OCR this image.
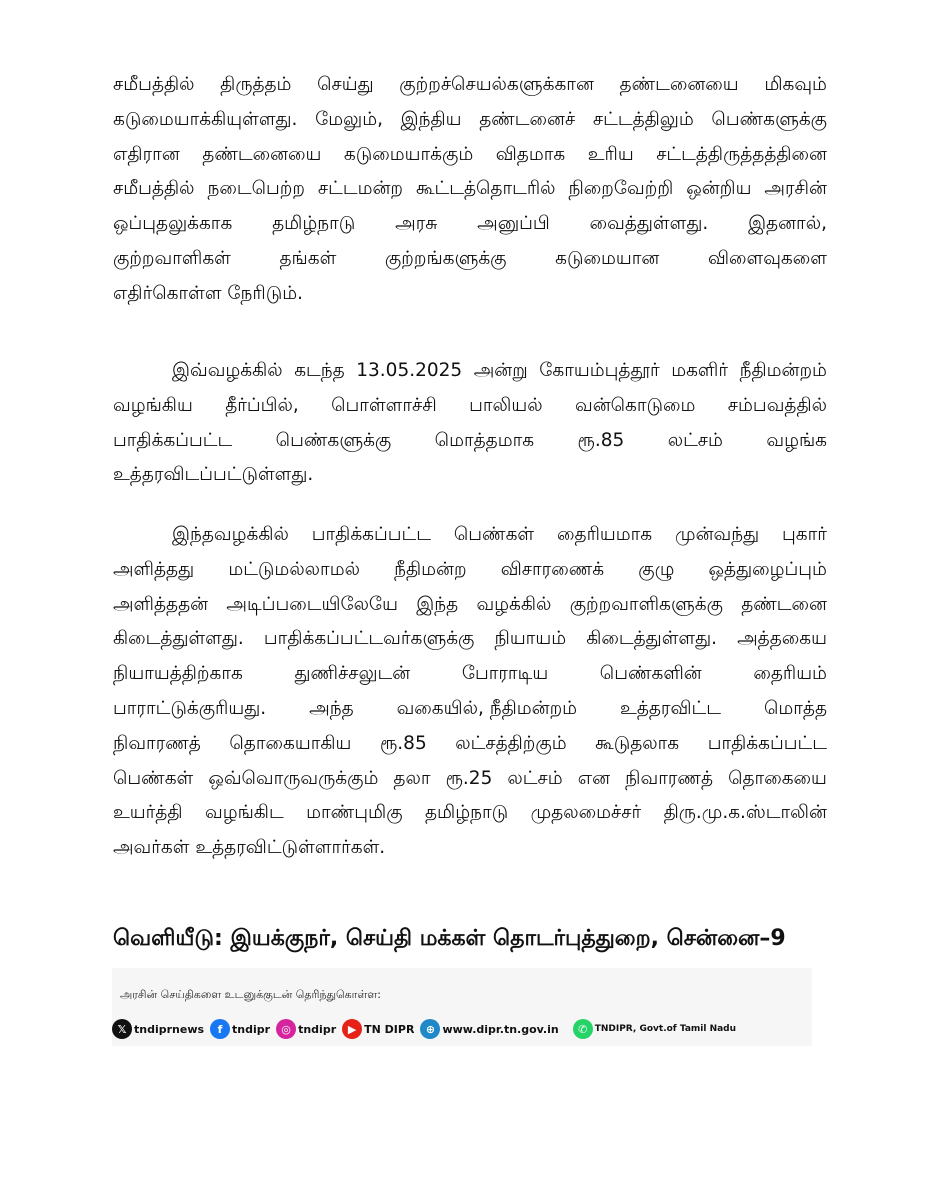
சமீபத்தில் திருத்தம் செய்து குற்றச்செயல்களுக்கான தண்டனையை மிகவும்
கடுமையாக்கியுள்ளது. மேலும், இந்திய தண்டனைச் சட்டத்திலும் பெண்களுக்கு
எதிரான தண்டனையை கடுமையாக்கும் விதமாக உரிய சட்டத்திருத்தத்தினை
சமீபத்தில் நடைபெற்ற சட்டமன்ற கூட்டத்தொடரில் நிறைவேற்றி ஒன்றிய அரசின்
ஒப்புதலுக்காக தமிழ்நாடு அரசு அனுப்பி வைத்துள்ளது. இதனால்,
குற்றவாளிகள்	தங்கள்	குற்றங்களுக்கு	கடுமையான	விளைவுகளை
எதிர்கொள்ள நேரிடும்.
இவ்வழக்கில் கடந்த 13.05.2025 அன்று கோயம்புத்தூர் மகளிர் நீதிமன்றம்
வழங்கிய தீர்ப்பில், பொள்ளாச்சி பாலியல் வன்கொடுமை சம்பவத்தில்
பாதிக்கப்பட்ட பெண்களுக்கு மொத்தமாக ரூ.85 லட்சம் வழங்க
உத்தரவிடப்பட்டுள்ளது.
இந்தவழக்கில் பாதிக்கப்பட்ட பெண்கள் தைரியமாக முன்வந்து புகார்
அளித்தது மட்டுமல்லாமல் நீதிமன்ற விசாரணைக் குழு ஒத்துழைப்பும்
அளித்ததன் அடிப்படையிலேயே இந்த வழக்கில் குற்றவாளிகளுக்கு தண்டனை
கிடைத்துள்ளது. பாதிக்கப்பட்டவர்களுக்கு நியாயம் கிடைத்துள்ளது. அத்தகைய
நியாயத்திற்காக	துணிச்சலுடன்	போராடிய	பெண்களின்	தைரியம்
பாராட்டுக்குரியது. அந்த வகையில், நீதிமன்றம் உத்தரவிட்ட மொத்த
நிவாரணத் தொகையாகிய ரூ.85 லட்சத்திற்கும் கூடுதலாக பாதிக்கப்பட்ட
பெண்கள் ஒவ்வொருவருக்கும் தலா ரூ.25 லட்சம் என நிவாரணத் தொகையை
உயர்த்தி வழங்கிட மாண்புமிகு தமிழ்நாடு முதலமைச்சர் திரு.மு.க.ஸ்டாலின்
அவர்கள் உத்தரவிட்டுள்ளார்கள்.
வெளியீடு: இயக்குநர், செய்தி மக்கள் தொடர்புத்துறை, சென்னை–9
அரசின் செய்திகளை உடனுக்குடன் தெரிந்துகொள்ள:
𝕏 tndiprnews	f tndipr	◎ tndipr	▶ TN DIPR	⊕ www.dipr.tn.gov.in	✆ TNDIPR, Govt.of Tamil Nadu
